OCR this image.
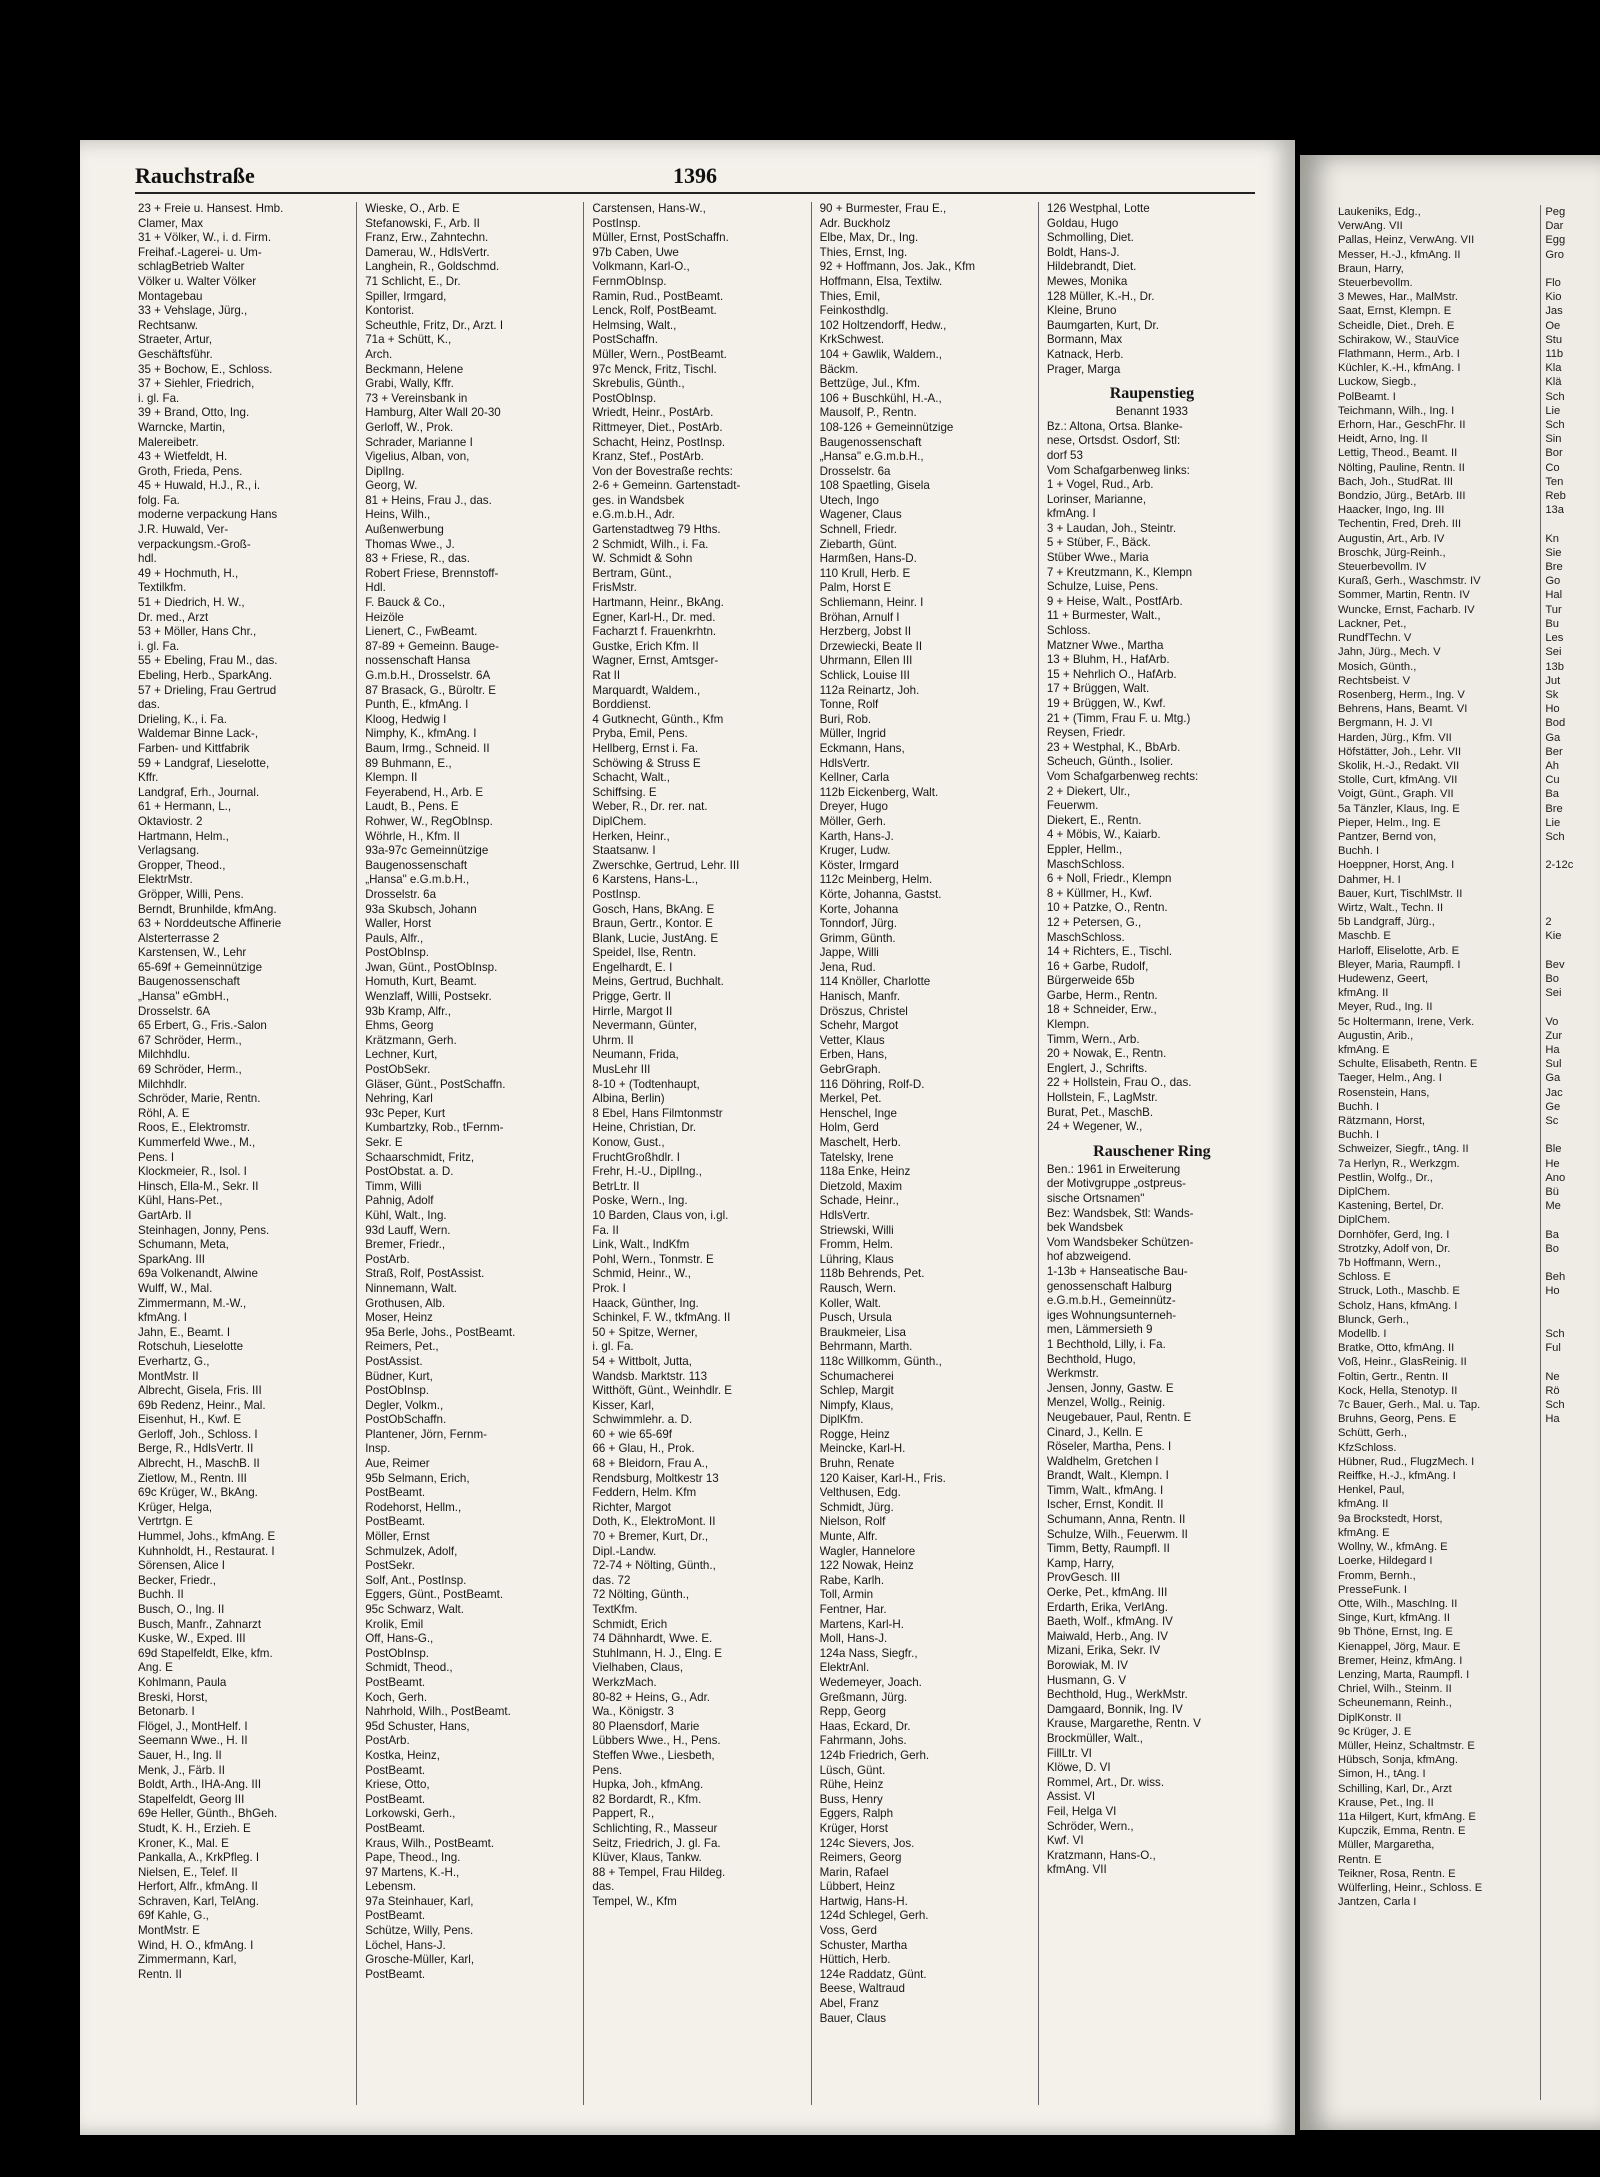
Rauchstraße	1396
23 + Freie u. Hansest. Hmb.
Clamer, Max
31 + Völker, W., i. d. Firm.
Freihaf.-Lagerei- u. Um-
schlagBetrieb Walter
Völker u. Walter Völker
Montagebau
33 + Vehslage, Jürg.,
Rechtsanw.
Straeter, Artur,
Geschäftsführ.
35 + Bochow, E., Schloss.
37 + Siehler, Friedrich,
i. gl. Fa.
39 + Brand, Otto, Ing.
Warncke, Martin,
Malereibetr.
43 + Wietfeldt, H.
Groth, Frieda, Pens.
45 + Huwald, H.J., R., i.
folg. Fa.
moderne verpackung Hans
J.R. Huwald, Ver-
verpackungsm.-Groß-
hdl.
49 + Hochmuth, H.,
Textilkfm.
51 + Diedrich, H. W.,
Dr. med., Arzt
53 + Möller, Hans Chr.,
i. gl. Fa.
55 + Ebeling, Frau M., das.
Ebeling, Herb., SparkAng.
57 + Drieling, Frau Gertrud
das.
Drieling, K., i. Fa.
Waldemar Binne Lack-,
Farben- und Kittfabrik
59 + Landgraf, Lieselotte,
Kffr.
Landgraf, Erh., Journal.
61 + Hermann, L.,
Oktaviostr. 2
Hartmann, Helm.,
Verlagsang.
Gropper, Theod.,
ElektrMstr.
Gröpper, Willi, Pens.
Berndt, Brunhilde, kfmAng.
63 + Norddeutsche Affinerie
Alsterterrasse 2
Karstensen, W., Lehr
65-69f + Gemeinnützige
Baugenossenschaft
„Hansa" eGmbH.,
Drosselstr. 6A
65 Erbert, G., Fris.-Salon
67 Schröder, Herm.,
Milchhdlu.
69 Schröder, Herm.,
Milchhdlr.
Schröder, Marie, Rentn.
Röhl, A. E
Roos, E., Elektromstr.
Kummerfeld Wwe., M.,
Pens. I
Klockmeier, R., Isol. I
Hinsch, Ella-M., Sekr. II
Kühl, Hans-Pet.,
GartArb. II
Steinhagen, Jonny, Pens.
Schumann, Meta,
SparkAng. III
69a Volkenandt, Alwine
Wulff, W., Mal.
Zimmermann, M.-W.,
kfmAng. I
Jahn, E., Beamt. I
Rotschuh, Lieselotte
Everhartz, G.,
MontMstr. II
Albrecht, Gisela, Fris. III
69b Redenz, Heinr., Mal.
Eisenhut, H., Kwf. E
Gerloff, Joh., Schloss. I
Berge, R., HdlsVertr. II
Albrecht, H., MaschB. II
Zietlow, M., Rentn. III
69c Krüger, W., BkAng.
Krüger, Helga,
Vertrtgn. E
Hummel, Johs., kfmAng. E
Kuhnholdt, H., Restaurat. I
Sörensen, Alice I
Becker, Friedr.,
Buchh. II
Busch, O., Ing. II
Busch, Manfr., Zahnarzt
Kuske, W., Exped. III
69d Stapelfeldt, Elke, kfm.
Ang. E
Kohlmann, Paula
Breski, Horst,
Betonarb. I
Flögel, J., MontHelf. I
Seemann Wwe., H. II
Sauer, H., Ing. II
Menk, J., Färb. II
Boldt, Arth., IHA-Ang. III
Stapelfeldt, Georg III
69e Heller, Günth., BhGeh.
Studt, K. H., Erzieh. E
Kroner, K., Mal. E
Pankalla, A., KrkPfleg. I
Nielsen, E., Telef. II
Herfort, Alfr., kfmAng. II
Schraven, Karl, TelAng.
69f Kahle, G.,
MontMstr. E
Wind, H. O., kfmAng. I
Zimmermann, Karl,
Rentn. II
Wieske, O., Arb. E
Stefanowski, F., Arb. II
Franz, Erw., Zahntechn.
Damerau, W., HdlsVertr.
Langhein, R., Goldschmd.
71 Schlicht, E., Dr.
Spiller, Irmgard,
Kontorist.
Scheuthle, Fritz, Dr., Arzt. I
71a + Schütt, K.,
Arch.
Beckmann, Helene
Grabi, Wally, Kffr.
73 + Vereinsbank in
Hamburg, Alter Wall 20-30
Gerloff, W., Prok.
Schrader, Marianne I
Vigelius, Alban, von,
DiplIng.
Georg, W.
81 + Heins, Frau J., das.
Heins, Wilh.,
Außenwerbung
Thomas Wwe., J.
83 + Friese, R., das.
Robert Friese, Brennstoff-
Hdl.
F. Bauck & Co.,
Heizöle
Lienert, C., FwBeamt.
87-89 + Gemeinn. Bauge-
nossenschaft Hansa
G.m.b.H., Drosselstr. 6A
87 Brasack, G., Büroltr. E
Punth, E., kfmAng. I
Kloog, Hedwig I
Nimphy, K., kfmAng. I
Baum, Irmg., Schneid. II
89 Buhmann, E.,
Klempn. II
Feyerabend, H., Arb. E
Laudt, B., Pens. E
Rohwer, W., RegObInsp.
Wöhrle, H., Kfm. II
93a-97c Gemeinnützige
Baugenossenschaft
„Hansa" e.G.m.b.H.,
Drosselstr. 6a
93a Skubsch, Johann
Waller, Horst
Pauls, Alfr.,
PostObInsp.
Jwan, Günt., PostObInsp.
Homuth, Kurt, Beamt.
Wenzlaff, Willi, Postsekr.
93b Kramp, Alfr.,
Ehms, Georg
Krätzmann, Gerh.
Lechner, Kurt,
PostObSekr.
Gläser, Günt., PostSchaffn.
Nehring, Karl
93c Peper, Kurt
Kumbartzky, Rob., tFernm-
Sekr. E
Schaarschmidt, Fritz,
PostObstat. a. D.
Timm, Willi
Pahnig, Adolf
Kühl, Walt., Ing.
93d Lauff, Wern.
Bremer, Friedr.,
PostArb.
Straß, Rolf, PostAssist.
Ninnemann, Walt.
Grothusen, Alb.
Moser, Heinz
95a Berle, Johs., PostBeamt.
Reimers, Pet.,
PostAssist.
Büdner, Kurt,
PostObInsp.
Degler, Volkm.,
PostObSchaffn.
Plantener, Jörn, Fernm-
Insp.
Aue, Reimer
95b Selmann, Erich,
PostBeamt.
Rodehorst, Hellm.,
PostBeamt.
Möller, Ernst
Schmulzek, Adolf,
PostSekr.
Solf, Ant., PostInsp.
Eggers, Günt., PostBeamt.
95c Schwarz, Walt.
Krolik, Emil
Off, Hans-G.,
PostObInsp.
Schmidt, Theod.,
PostBeamt.
Koch, Gerh.
Nahrhold, Wilh., PostBeamt.
95d Schuster, Hans,
PostArb.
Kostka, Heinz,
PostBeamt.
Kriese, Otto,
PostBeamt.
Lorkowski, Gerh.,
PostBeamt.
Kraus, Wilh., PostBeamt.
Pape, Theod., Ing.
97 Martens, K.-H.,
Lebensm.
97a Steinhauer, Karl,
PostBeamt.
Schütze, Willy, Pens.
Löchel, Hans-J.
Grosche-Müller, Karl,
PostBeamt.
Carstensen, Hans-W.,
PostInsp.
Müller, Ernst, PostSchaffn.
97b Caben, Uwe
Volkmann, Karl-O.,
FernmObInsp.
Ramin, Rud., PostBeamt.
Lenck, Rolf, PostBeamt.
Helmsing, Walt.,
PostSchaffn.
Müller, Wern., PostBeamt.
97c Menck, Fritz, Tischl.
Skrebulis, Günth.,
PostObInsp.
Wriedt, Heinr., PostArb.
Rittmeyer, Diet., PostArb.
Schacht, Heinz, PostInsp.
Kranz, Stef., PostArb.
Von der Bovestraße rechts:
2-6 + Gemeinn. Gartenstadt-
ges. in Wandsbek
e.G.m.b.H., Adr.
Gartenstadtweg 79 Hths.
2 Schmidt, Wilh., i. Fa.
W. Schmidt & Sohn
Bertram, Günt.,
FrisMstr.
Hartmann, Heinr., BkAng.
Egner, Karl-H., Dr. med.
Facharzt f. Frauenkrhtn.
Gustke, Erich Kfm. II
Wagner, Ernst, Amtsger-
Rat II
Marquardt, Waldem.,
Borddienst.
4 Gutknecht, Günth., Kfm
Pryba, Emil, Pens.
Hellberg, Ernst i. Fa.
Schöwing & Struss E
Schacht, Walt.,
Schiffsing. E
Weber, R., Dr. rer. nat.
DiplChem.
Herken, Heinr.,
Staatsanw. I
Zwerschke, Gertrud, Lehr. III
6 Karstens, Hans-L.,
PostInsp.
Gosch, Hans, BkAng. E
Braun, Gertr., Kontor. E
Blank, Lucie, JustAng. E
Speidel, Ilse, Rentn.
Engelhardt, E. I
Meins, Gertrud, Buchhalt.
Prigge, Gertr. II
Hirrle, Margot II
Nevermann, Günter,
Uhrm. II
Neumann, Frida,
MusLehr III
8-10 + (Todtenhaupt,
Albina, Berlin)
8 Ebel, Hans Filmtonmstr
Heine, Christian, Dr.
Konow, Gust.,
FruchtGroßhdlr. I
Frehr, H.-U., DiplIng.,
BetrLtr. II
Poske, Wern., Ing.
10 Barden, Claus von, i.gl.
Fa. II
Link, Walt., IndKfm
Pohl, Wern., Tonmstr. E
Schmid, Heinr., W.,
Prok. I
Haack, Günther, Ing.
Schinkel, F. W., tkfmAng. II
50 + Spitze, Werner,
i. gl. Fa.
54 + Wittbolt, Jutta,
Wandsb. Marktstr. 113
Witthöft, Günt., Weinhdlr. E
Kisser, Karl,
Schwimmlehr. a. D.
60 + wie 65-69f
66 + Glau, H., Prok.
68 + Bleidorn, Frau A.,
Rendsburg, Moltkestr 13
Feddern, Helm. Kfm
Richter, Margot
Doth, K., ElektroMont. II
70 + Bremer, Kurt, Dr.,
Dipl.-Landw.
72-74 + Nölting, Günth.,
das. 72
72 Nölting, Günth.,
TextKfm.
Schmidt, Erich
74 Dähnhardt, Wwe. E.
Stuhlmann, H. J., Elng. E
Vielhaben, Claus,
WerkzMach.
80-82 + Heins, G., Adr.
Wa., Königstr. 3
80 Plaensdorf, Marie
Lübbers Wwe., H., Pens.
Steffen Wwe., Liesbeth,
Pens.
Hupka, Joh., kfmAng.
82 Bordardt, R., Kfm.
Pappert, R.,
Schlichting, R., Masseur
Seitz, Friedrich, J. gl. Fa.
Klüver, Klaus, Tankw.
88 + Tempel, Frau Hildeg.
das.
Tempel, W., Kfm
90 + Burmester, Frau E.,
Adr. Buckholz
Elbe, Max, Dr., Ing.
Thies, Ernst, Ing.
92 + Hoffmann, Jos. Jak., Kfm
Hoffmann, Elsa, Textilw.
Thies, Emil,
Feinkosthdlg.
102 Holtzendorff, Hedw.,
KrkSchwest.
104 + Gawlik, Waldem.,
Bäckm.
Bettzüge, Jul., Kfm.
106 + Buschkühl, H.-A.,
Mausolf, P., Rentn.
108-126 + Gemeinnützige
Baugenossenschaft
„Hansa" e.G.m.b.H.,
Drosselstr. 6a
108 Spaetling, Gisela
Utech, Ingo
Wagener, Claus
Schnell, Friedr.
Ziebarth, Günt.
Harmßen, Hans-D.
110 Krull, Herb. E
Palm, Horst E
Schliemann, Heinr. I
Bröhan, Arnulf I
Herzberg, Jobst II
Drzewiecki, Beate II
Uhrmann, Ellen III
Schlick, Louise III
112a Reinartz, Joh.
Tonne, Rolf
Buri, Rob.
Müller, Ingrid
Eckmann, Hans,
HdlsVertr.
Kellner, Carla
112b Eickenberg, Walt.
Dreyer, Hugo
Möller, Gerh.
Karth, Hans-J.
Kruger, Ludw.
Köster, Irmgard
112c Meinberg, Helm.
Körte, Johanna, Gastst.
Korte, Johanna
Tonndorf, Jürg.
Grimm, Günth.
Jappe, Willi
Jena, Rud.
114 Knöller, Charlotte
Hanisch, Manfr.
Dröszus, Christel
Schehr, Margot
Vetter, Klaus
Erben, Hans,
GebrGraph.
116 Döhring, Rolf-D.
Merkel, Pet.
Henschel, Inge
Holm, Gerd
Maschelt, Herb.
Tatelsky, Irene
118a Enke, Heinz
Dietzold, Maxim
Schade, Heinr.,
HdlsVertr.
Striewski, Willi
Fromm, Helm.
Lühring, Klaus
118b Behrends, Pet.
Rausch, Wern.
Koller, Walt.
Pusch, Ursula
Braukmeier, Lisa
Behrmann, Marth.
118c Willkomm, Günth.,
Schumacherei
Schlep, Margit
Nimpfy, Klaus,
DiplKfm.
Rogge, Heinz
Meincke, Karl-H.
Bruhn, Renate
120 Kaiser, Karl-H., Fris.
Velthusen, Edg.
Schmidt, Jürg.
Nielson, Rolf
Munte, Alfr.
Wagler, Hannelore
122 Nowak, Heinz
Rabe, Karlh.
Toll, Armin
Fentner, Har.
Martens, Karl-H.
Moll, Hans-J.
124a Nass, Siegfr.,
ElektrAnl.
Wedemeyer, Joach.
Greßmann, Jürg.
Repp, Georg
Haas, Eckard, Dr.
Fahrmann, Johs.
124b Friedrich, Gerh.
Lüsch, Günt.
Rühe, Heinz
Buss, Henry
Eggers, Ralph
Krüger, Horst
124c Sievers, Jos.
Reimers, Georg
Marin, Rafael
Lübbert, Heinz
Hartwig, Hans-H.
124d Schlegel, Gerh.
Voss, Gerd
Schuster, Martha
Hüttich, Herb.
124e Raddatz, Günt.
Beese, Waltraud
Abel, Franz
Bauer, Claus
126 Westphal, Lotte
Goldau, Hugo
Schmolling, Diet.
Boldt, Hans-J.
Hildebrandt, Diet.
Mewes, Monika
128 Müller, K.-H., Dr.
Kleine, Bruno
Baumgarten, Kurt, Dr.
Bormann, Max
Katnack, Herb.
Prager, Marga
Raupenstieg
Benannt 1933
Bz.: Altona, Ortsa. Blanke-
nese, Ortsdst. Osdorf, Stl:
dorf 53
Vom Schafgarbenweg links:
1 + Vogel, Rud., Arb.
Lorinser, Marianne,
kfmAng. I
3 + Laudan, Joh., Steintr.
5 + Stüber, F., Bäck.
Stüber Wwe., Maria
7 + Kreutzmann, K., Klempn
Schulze, Luise, Pens.
9 + Heise, Walt., PostfArb.
11 + Burmester, Walt.,
Schloss.
Matzner Wwe., Martha
13 + Bluhm, H., HafArb.
15 + Nehrlich O., HafArb.
17 + Brüggen, Walt.
19 + Brüggen, W., Kwf.
21 + (Timm, Frau F. u. Mtg.)
Reysen, Friedr.
23 + Westphal, K., BbArb.
Scheuch, Günth., Isolier.
Vom Schafgarbenweg rechts:
2 + Diekert, Ulr.,
Feuerwm.
Diekert, E., Rentn.
4 + Möbis, W., Kaiarb.
Eppler, Hellm.,
MaschSchloss.
6 + Noll, Friedr., Klempn
8 + Küllmer, H., Kwf.
10 + Patzke, O., Rentn.
12 + Petersen, G.,
MaschSchloss.
14 + Richters, E., Tischl.
16 + Garbe, Rudolf,
Bürgerweide 65b
Garbe, Herm., Rentn.
18 + Schneider, Erw.,
Klempn.
Timm, Wern., Arb.
20 + Nowak, E., Rentn.
Englert, J., Schrifts.
22 + Hollstein, Frau O., das.
Hollstein, F., LagMstr.
Burat, Pet., MaschB.
24 + Wegener, W.,
Rauschener Ring
Ben.: 1961 in Erweiterung
der Motivgruppe „ostpreus-
sische Ortsnamen"
Bez: Wandsbek, Stl: Wands-
bek Wandsbek
Vom Wandsbeker Schützen-
hof abzweigend.
1-13b + Hanseatische Bau-
genossenschaft Halburg
e.G.m.b.H., Gemeinnütz-
iges Wohnungsunterneh-
men, Lämmersieth 9
1 Bechthold, Lilly, i. Fa.
Bechthold, Hugo,
Werkmstr.
Jensen, Jonny, Gastw. E
Menzel, Wollg., Reinig.
Neugebauer, Paul, Rentn. E
Cinard, J., Kelln. E
Röseler, Martha, Pens. I
Waldhelm, Gretchen I
Brandt, Walt., Klempn. I
Timm, Walt., kfmAng. I
Ischer, Ernst, Kondit. II
Schumann, Anna, Rentn. II
Schulze, Wilh., Feuerwm. II
Timm, Betty, Raumpfl. II
Kamp, Harry,
ProvGesch. III
Oerke, Pet., kfmAng. III
Erdarth, Erika, VerlAng.
Baeth, Wolf., kfmAng. IV
Maiwald, Herb., Ang. IV
Mizani, Erika, Sekr. IV
Borowiak, M. IV
Husmann, G. V
Bechthold, Hug., WerkMstr.
Damgaard, Bonnik, Ing. IV
Krause, Margarethe, Rentn. V
Brockmüller, Walt.,
FillLtr. VI
Klöwe, D. VI
Rommel, Art., Dr. wiss.
Assist. VI
Feil, Helga VI
Schröder, Wern.,
Kwf. VI
Kratzmann, Hans-O.,
kfmAng. VII
Laukeniks, Edg.,
VerwAng. VII
Pallas, Heinz, VerwAng. VII
Messer, H.-J., kfmAng. II
Braun, Harry,
Steuerbevollm.
3 Mewes, Har., MalMstr.
Saat, Ernst, Klempn. E
Scheidle, Diet., Dreh. E
Schirakow, W., StauVice
Flathmann, Herm., Arb. I
Küchler, K.-H., kfmAng. I
Luckow, Siegb.,
PolBeamt. I
Teichmann, Wilh., Ing. I
Erhorn, Har., GeschFhr. II
Heidt, Arno, Ing. II
Lettig, Theod., Beamt. II
Nölting, Pauline, Rentn. II
Bach, Joh., StudRat. III
Bondzio, Jürg., BetArb. III
Haacker, Ingo, Ing. III
Techentin, Fred, Dreh. III
Augustin, Art., Arb. IV
Broschk, Jürg-Reinh.,
Steuerbevollm. IV
Kuraß, Gerh., Waschmstr. IV
Sommer, Martin, Rentn. IV
Wuncke, Ernst, Facharb. IV
Lackner, Pet.,
RundfTechn. V
Jahn, Jürg., Mech. V
Mosich, Günth.,
Rechtsbeist. V
Rosenberg, Herm., Ing. V
Behrens, Hans, Beamt. VI
Bergmann, H. J. VI
Harden, Jürg., Kfm. VII
Höfstätter, Joh., Lehr. VII
Skolik, H.-J., Redakt. VII
Stolle, Curt, kfmAng. VII
Voigt, Günt., Graph. VII
5a Tänzler, Klaus, Ing. E
Pieper, Helm., Ing. E
Pantzer, Bernd von,
Buchh. I
Hoeppner, Horst, Ang. I
Dahmer, H. I
Bauer, Kurt, TischlMstr. II
Wirtz, Walt., Techn. II
5b Landgraff, Jürg.,
Maschb. E
Harloff, Eliselotte, Arb. E
Bleyer, Maria, Raumpfl. I
Hudewenz, Geert,
kfmAng. II
Meyer, Rud., Ing. II
5c Holtermann, Irene, Verk.
Augustin, Arib.,
kfmAng. E
Schulte, Elisabeth, Rentn. E
Taeger, Helm., Ang. I
Rosenstein, Hans,
Buchh. I
Rätzmann, Horst,
Buchh. I
Schweizer, Siegfr., tAng. II
7a Herlyn, R., Werkzgm.
Pestlin, Wolfg., Dr.,
DiplChem.
Kastening, Bertel, Dr.
DiplChem.
Dornhöfer, Gerd, Ing. I
Strotzky, Adolf von, Dr.
7b Hoffmann, Wern.,
Schloss. E
Struck, Loth., Maschb. E
Scholz, Hans, kfmAng. I
Blunck, Gerh.,
Modellb. I
Bratke, Otto, kfmAng. II
Voß, Heinr., GlasReinig. II
Foltin, Gertr., Rentn. II
Kock, Hella, Stenotyp. II
7c Bauer, Gerh., Mal. u. Tap.
Bruhns, Georg, Pens. E
Schütt, Gerh.,
KfzSchloss.
Hübner, Rud., FlugzMech. I
Reiffke, H.-J., kfmAng. I
Henkel, Paul,
kfmAng. II
9a Brockstedt, Horst,
kfmAng. E
Wollny, W., kfmAng. E
Loerke, Hildegard I
Fromm, Bernh.,
PresseFunk. I
Otte, Wilh., MaschIng. II
Singe, Kurt, kfmAng. II
9b Thöne, Ernst, Ing. E
Kienappel, Jörg, Maur. E
Bremer, Heinz, kfmAng. I
Lenzing, Marta, Raumpfl. I
Chriel, Wilh., Steinm. II
Scheunemann, Reinh.,
DiplKonstr. II
9c Krüger, J. E
Müller, Heinz, Schaltmstr. E
Hübsch, Sonja, kfmAng.
Simon, H., tAng. I
Schilling, Karl, Dr., Arzt
Krause, Pet., Ing. II
11a Hilgert, Kurt, kfmAng. E
Kupczik, Emma, Rentn. E
Müller, Margaretha,
Rentn. E
Teikner, Rosa, Rentn. E
Wülferling, Heinr., Schloss. E
Jantzen, Carla I
Peg
Dar
Egg
Gro

Flo
Kio
Jas
Oe
Stu
11b
Kla
Klä
Sch
Lie
Sch
Sin
Bor
Co
Ten
Reb
13a

Kn
Sie
Bre
Go
Hal
Tur
Bu
Les
Sei
13b
Jut
Sk
Ho
Bod
Ga
Ber
Ah
Cu
Ba
Bre
Lie
Sch

2-12c

2
Kie

Bev
Bo
Sei

Vo
Zur
Ha
Sul
Ga
Jac
Ge
Sc

Ble
He
Ano
Bü
Me

Ba
Bo

Beh
Ho

Sch
Ful

Ne
Rö
Sch
Ha
